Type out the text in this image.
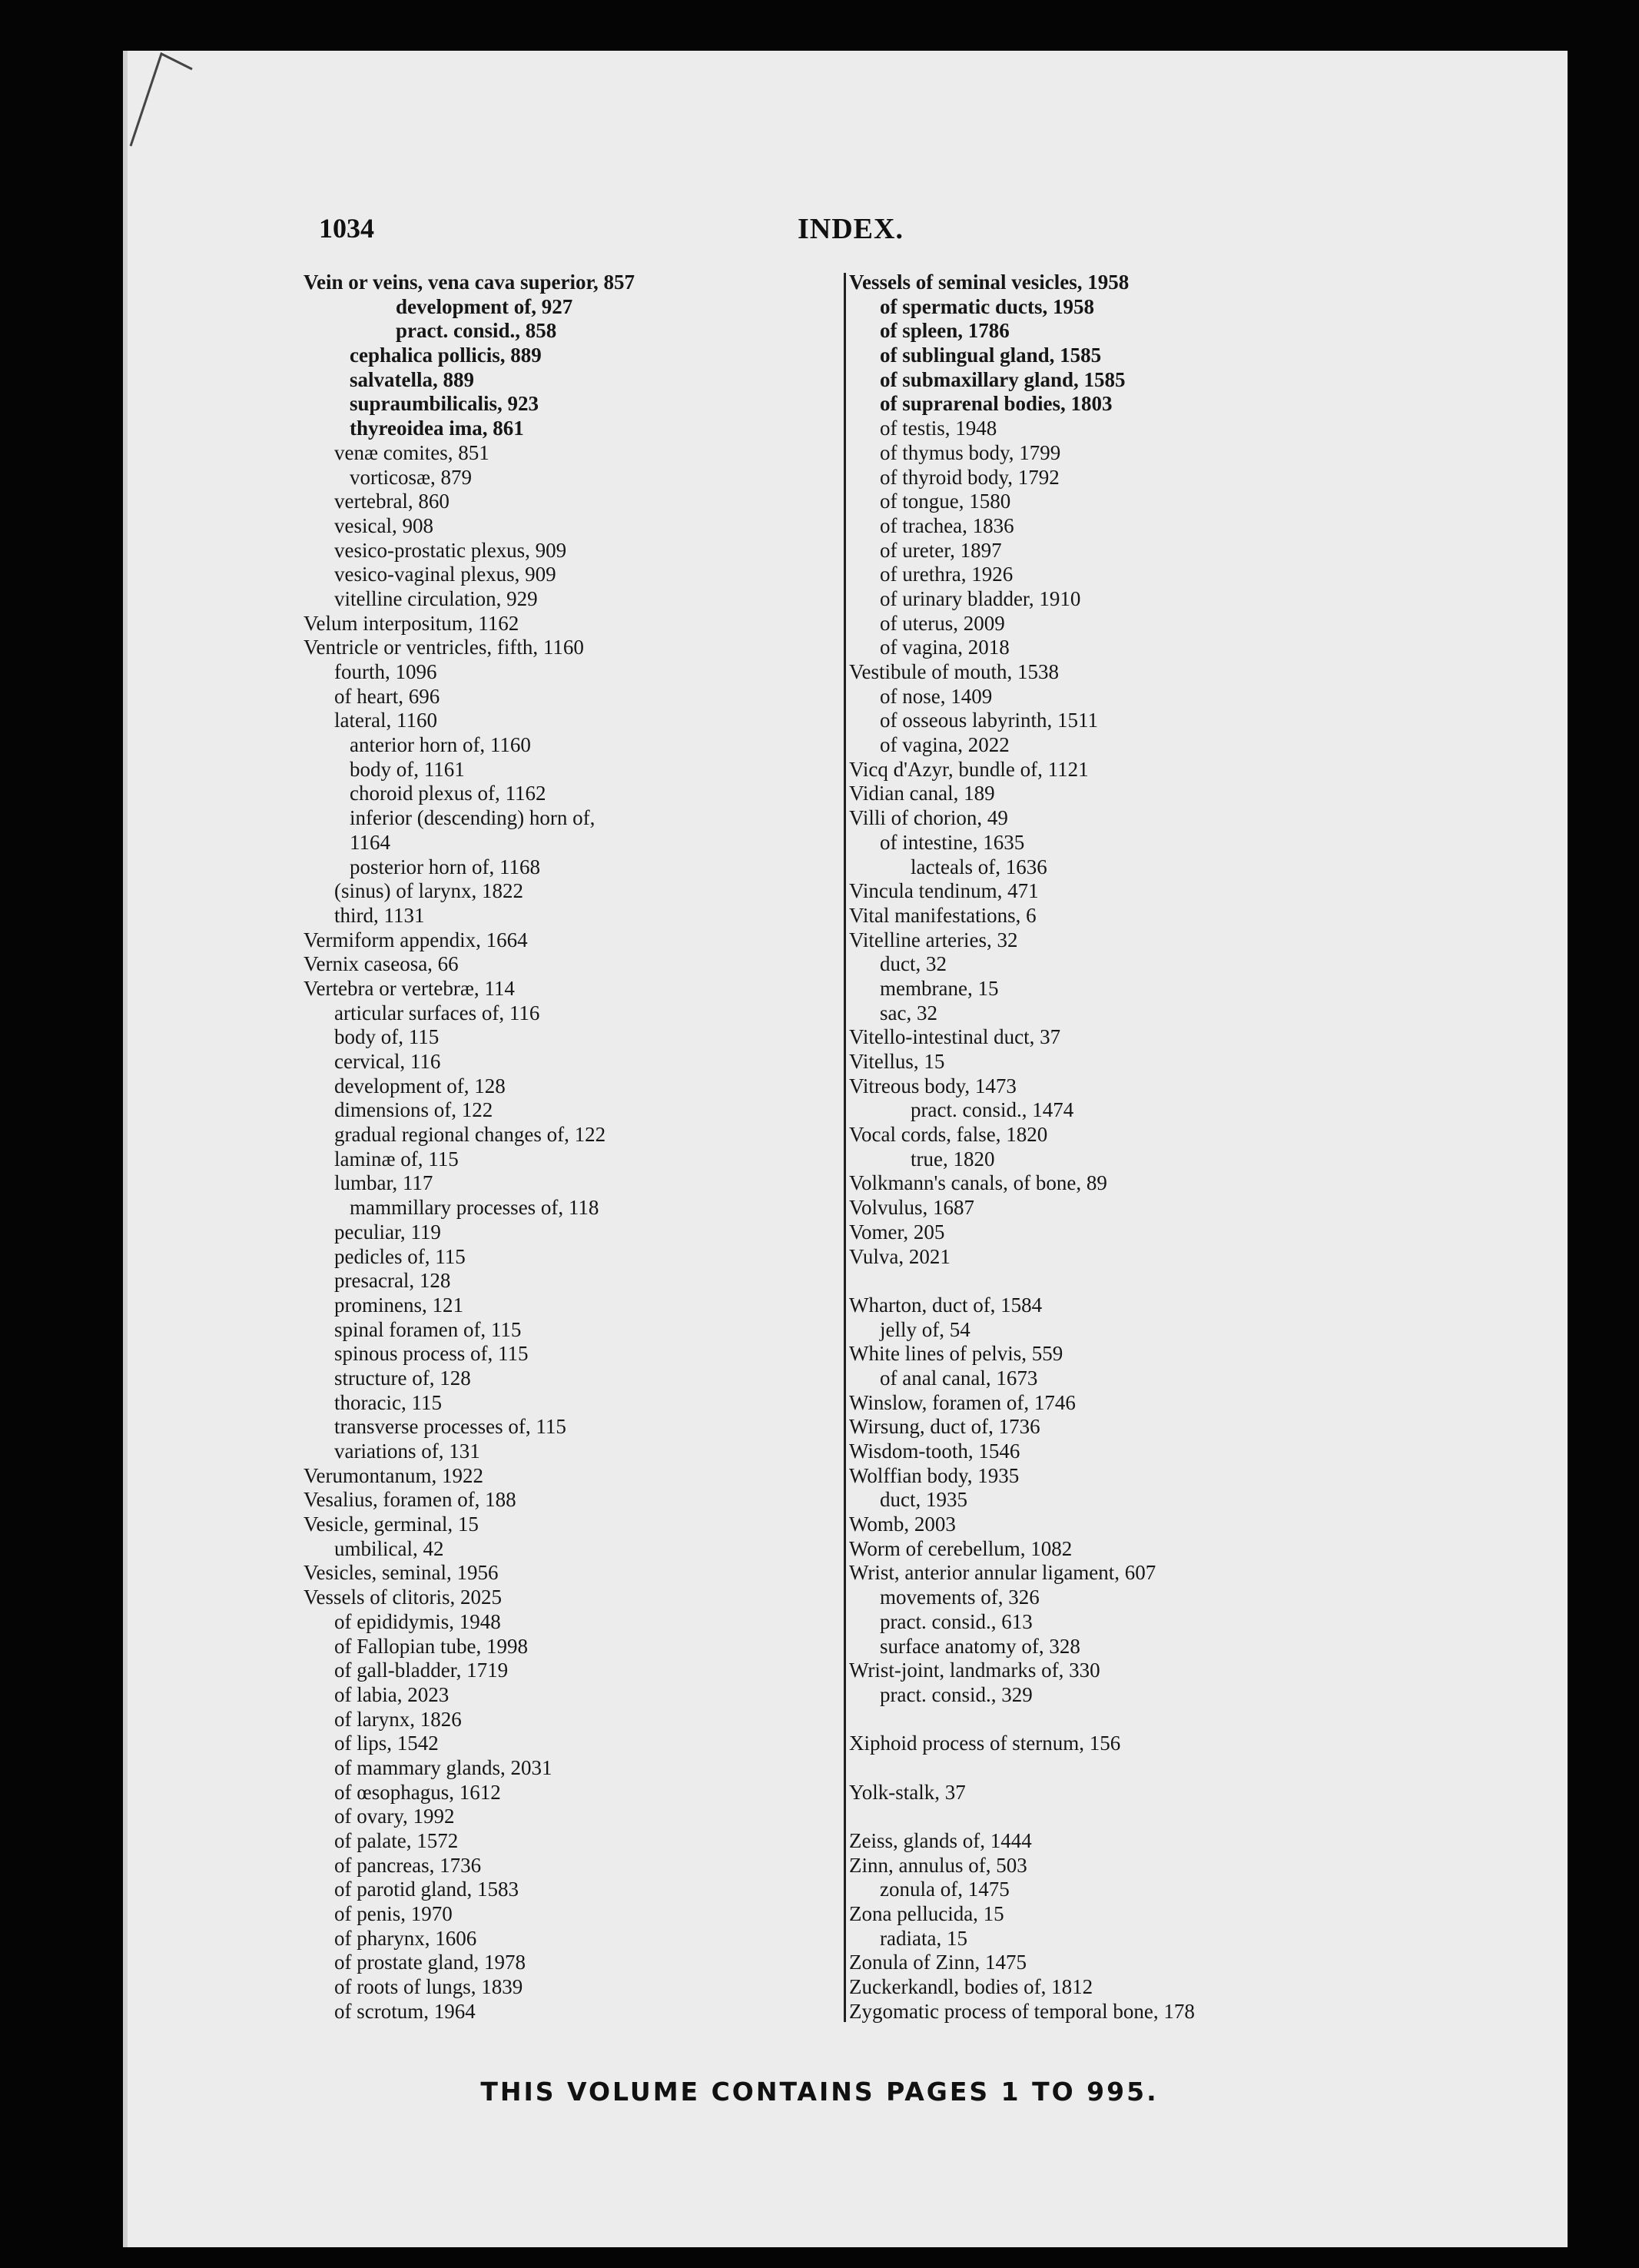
1034	INDEX.
Vein or veins, vena cava superior, 857
development of, 927
pract. consid., 858
cephalica pollicis, 889
salvatella, 889
supraumbilicalis, 923
thyreoidea ima, 861
venæ comites, 851
vorticosæ, 879
vertebral, 860
vesical, 908
vesico-prostatic plexus, 909
vesico-vaginal plexus, 909
vitelline circulation, 929
Velum interpositum, 1162
Ventricle or ventricles, fifth, 1160
fourth, 1096
of heart, 696
lateral, 1160
anterior horn of, 1160
body of, 1161
choroid plexus of, 1162
inferior (descending) horn of,
1164
posterior horn of, 1168
(sinus) of larynx, 1822
third, 1131
Vermiform appendix, 1664
Vernix caseosa, 66
Vertebra or vertebræ, 114
articular surfaces of, 116
body of, 115
cervical, 116
development of, 128
dimensions of, 122
gradual regional changes of, 122
laminæ of, 115
lumbar, 117
mammillary processes of, 118
peculiar, 119
pedicles of, 115
presacral, 128
prominens, 121
spinal foramen of, 115
spinous process of, 115
structure of, 128
thoracic, 115
transverse processes of, 115
variations of, 131
Verumontanum, 1922
Vesalius, foramen of, 188
Vesicle, germinal, 15
umbilical, 42
Vesicles, seminal, 1956
Vessels of clitoris, 2025
of epididymis, 1948
of Fallopian tube, 1998
of gall-bladder, 1719
of labia, 2023
of larynx, 1826
of lips, 1542
of mammary glands, 2031
of œsophagus, 1612
of ovary, 1992
of palate, 1572
of pancreas, 1736
of parotid gland, 1583
of penis, 1970
of pharynx, 1606
of prostate gland, 1978
of roots of lungs, 1839
of scrotum, 1964
Vessels of seminal vesicles, 1958
of spermatic ducts, 1958
of spleen, 1786
of sublingual gland, 1585
of submaxillary gland, 1585
of suprarenal bodies, 1803
of testis, 1948
of thymus body, 1799
of thyroid body, 1792
of tongue, 1580
of trachea, 1836
of ureter, 1897
of urethra, 1926
of urinary bladder, 1910
of uterus, 2009
of vagina, 2018
Vestibule of mouth, 1538
of nose, 1409
of osseous labyrinth, 1511
of vagina, 2022
Vicq d'Azyr, bundle of, 1121
Vidian canal, 189
Villi of chorion, 49
of intestine, 1635
lacteals of, 1636
Vincula tendinum, 471
Vital manifestations, 6
Vitelline arteries, 32
duct, 32
membrane, 15
sac, 32
Vitello-intestinal duct, 37
Vitellus, 15
Vitreous body, 1473
pract. consid., 1474
Vocal cords, false, 1820
true, 1820
Volkmann's canals, of bone, 89
Volvulus, 1687
Vomer, 205
Vulva, 2021
Wharton, duct of, 1584
jelly of, 54
White lines of pelvis, 559
of anal canal, 1673
Winslow, foramen of, 1746
Wirsung, duct of, 1736
Wisdom-tooth, 1546
Wolffian body, 1935
duct, 1935
Womb, 2003
Worm of cerebellum, 1082
Wrist, anterior annular ligament, 607
movements of, 326
pract. consid., 613
surface anatomy of, 328
Wrist-joint, landmarks of, 330
pract. consid., 329
Xiphoid process of sternum, 156
Yolk-stalk, 37
Zeiss, glands of, 1444
Zinn, annulus of, 503
zonula of, 1475
Zona pellucida, 15
radiata, 15
Zonula of Zinn, 1475
Zuckerkandl, bodies of, 1812
Zygomatic process of temporal bone, 178
THIS VOLUME CONTAINS PAGES 1 TO 995.
